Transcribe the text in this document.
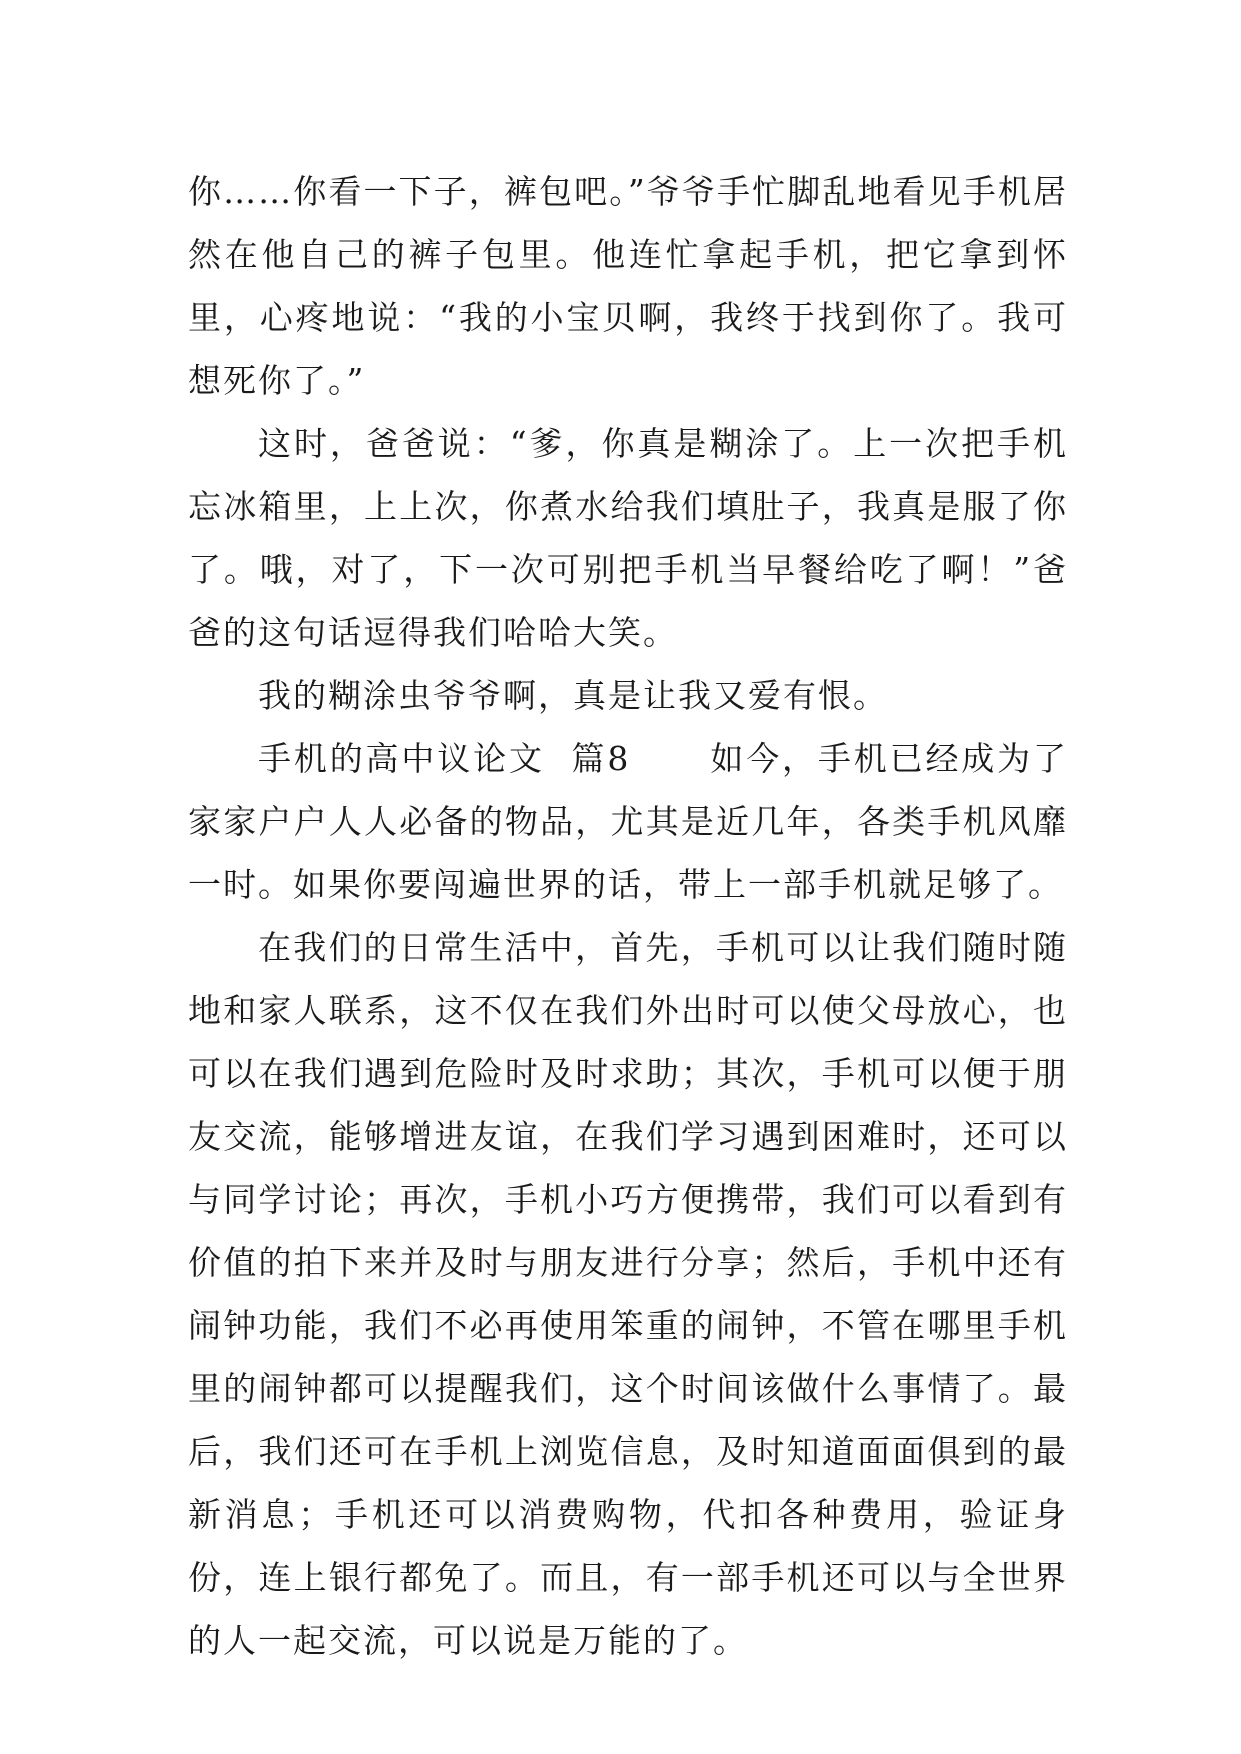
你……你看一下子，裤包吧。”爷爷手忙脚乱地看见手机居然在他自己的裤子包里。他连忙拿起手机，把它拿到怀里，心疼地说：“我的小宝贝啊，我终于找到你了。我可想死你了。”

这时，爸爸说：“爹，你真是糊涂了。上一次把手机忘冰箱里，上上次，你煮水给我们填肚子，我真是服了你了。哦，对了，下一次可别把手机当早餐给吃了啊！”爸爸的这句话逗得我们哈哈大笑。

我的糊涂虫爷爷啊，真是让我又爱有恨。

手机的高中议论文  篇8      如今，手机已经成为了家家户户人人必备的物品，尤其是近几年，各类手机风靡一时。如果你要闯遍世界的话，带上一部手机就足够了。

在我们的日常生活中，首先，手机可以让我们随时随地和家人联系，这不仅在我们外出时可以使父母放心，也可以在我们遇到危险时及时求助；其次，手机可以便于朋友交流，能够增进友谊，在我们学习遇到困难时，还可以与同学讨论；再次，手机小巧方便携带，我们可以看到有价值的拍下来并及时与朋友进行分享；然后，手机中还有闹钟功能，我们不必再使用笨重的闹钟，不管在哪里手机里的闹钟都可以提醒我们，这个时间该做什么事情了。最后，我们还可在手机上浏览信息，及时知道面面俱到的最新消息；手机还可以消费购物，代扣各种费用，验证身份，连上银行都免了。而且，有一部手机还可以与全世界的人一起交流，可以说是万能的了。
